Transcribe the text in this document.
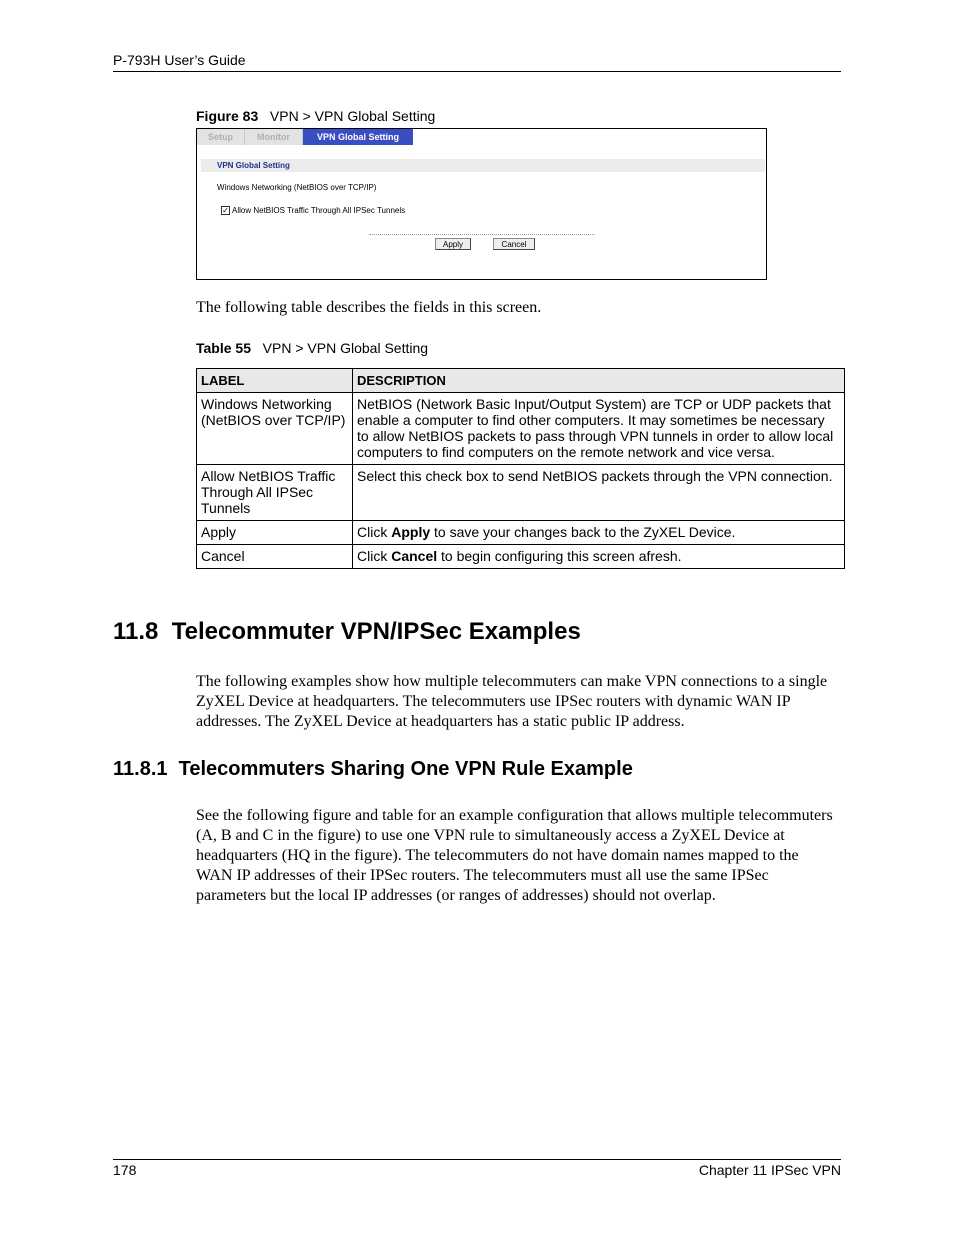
P-793H User’s Guide
Figure 83 VPN > VPN Global Setting
Setup	Monitor	VPN Global Setting
VPN Global Setting
Windows Networking (NetBIOS over TCP/IP)
✓ Allow NetBIOS Traffic Through All IPSec Tunnels
Apply	Cancel
The following table describes the fields in this screen.
Table 55 VPN > VPN Global Setting
LABEL	DESCRIPTION
Windows Networking (NetBIOS over TCP/IP)	NetBIOS (Network Basic Input/Output System) are TCP or UDP packets that enable a computer to find other computers. It may sometimes be necessary to allow NetBIOS packets to pass through VPN tunnels in order to allow local computers to find computers on the remote network and vice versa.
Allow NetBIOS Traffic Through All IPSec Tunnels	Select this check box to send NetBIOS packets through the VPN connection.
Apply	Click Apply to save your changes back to the ZyXEL Device.
Cancel	Click Cancel to begin configuring this screen afresh.
11.8  Telecommuter VPN/IPSec Examples
The following examples show how multiple telecommuters can make VPN connections to a single ZyXEL Device at headquarters. The telecommuters use IPSec routers with dynamic WAN IP addresses. The ZyXEL Device at headquarters has a static public IP address.
11.8.1  Telecommuters Sharing One VPN Rule Example
See the following figure and table for an example configuration that allows multiple telecommuters (A, B and C in the figure) to use one VPN rule to simultaneously access a ZyXEL Device at headquarters (HQ in the figure). The telecommuters do not have domain names mapped to the WAN IP addresses of their IPSec routers. The telecommuters must all use the same IPSec parameters but the local IP addresses (or ranges of addresses) should not overlap.
178	Chapter 11 IPSec VPN
